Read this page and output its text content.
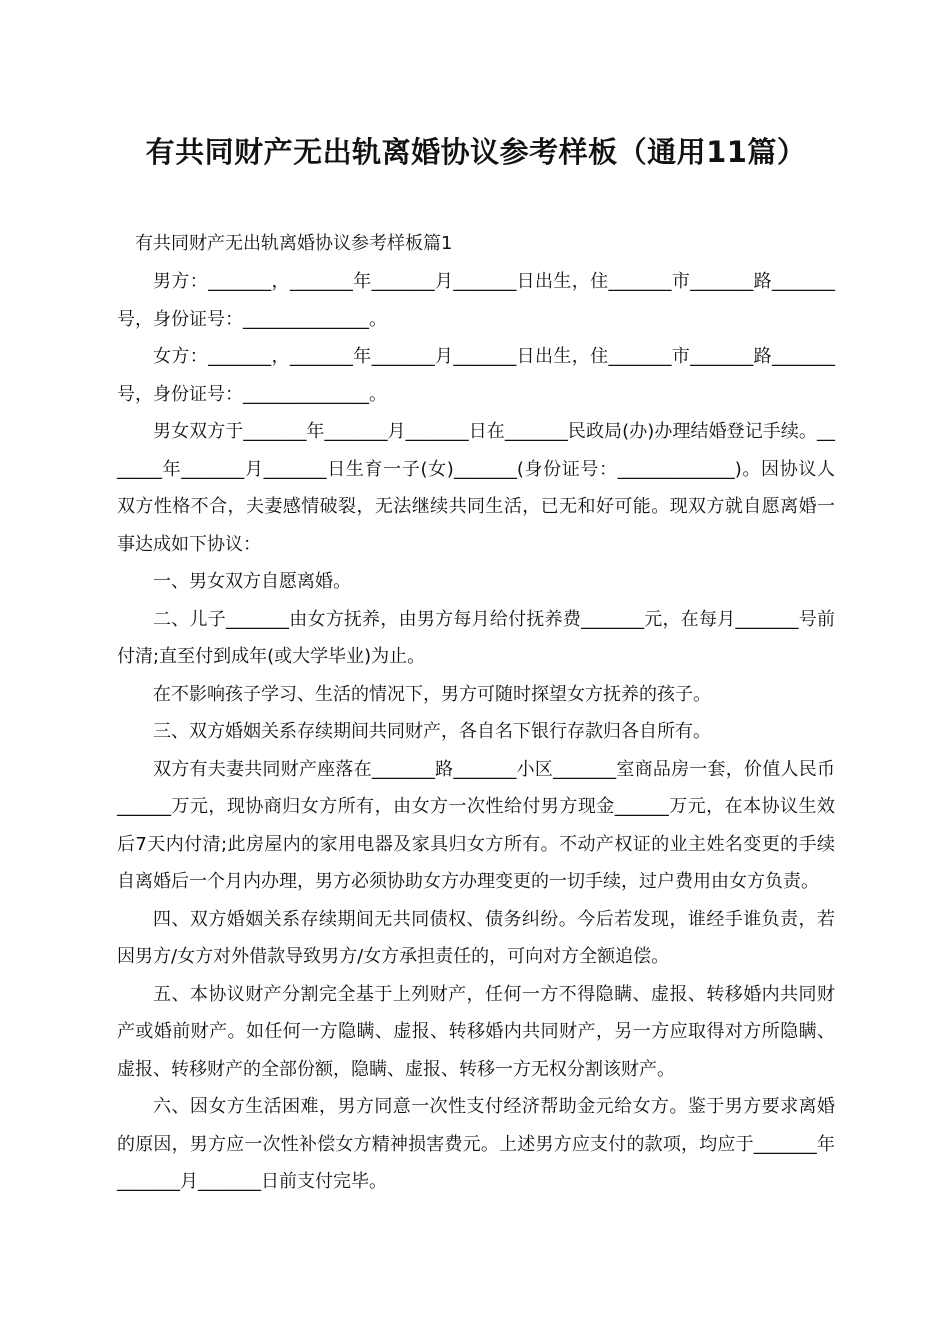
有共同财产无出轨离婚协议参考样板（通用11篇）
有共同财产无出轨离婚协议参考样板篇1

男方：_______，_______年_______月_______日出生，住_______市_______路_______号，身份证号：______________。

女方：_______，_______年_______月_______日出生，住_______市_______路_______号，身份证号：______________。

男女双方于_______年_______月_______日在_______民政局(办)办理结婚登记手续。_______年_______月_______日生育一子(女)_______(身份证号：_____________)。因协议人双方性格不合，夫妻感情破裂，无法继续共同生活，已无和好可能。现双方就自愿离婚一事达成如下协议：

一、男女双方自愿离婚。

二、儿子_______由女方抚养，由男方每月给付抚养费_______元，在每月_______号前付清;直至付到成年(或大学毕业)为止。

在不影响孩子学习、生活的情况下，男方可随时探望女方抚养的孩子。

三、双方婚姻关系存续期间共同财产，各自名下银行存款归各自所有。

双方有夫妻共同财产座落在_______路_______小区_______室商品房一套，价值人民币______万元，现协商归女方所有，由女方一次性给付男方现金______万元，在本协议生效后7天内付清;此房屋内的家用电器及家具归女方所有。不动产权证的业主姓名变更的手续自离婚后一个月内办理，男方必须协助女方办理变更的一切手续，过户费用由女方负责。

四、双方婚姻关系存续期间无共同债权、债务纠纷。今后若发现，谁经手谁负责，若因男方/女方对外借款导致男方/女方承担责任的，可向对方全额追偿。

五、本协议财产分割完全基于上列财产，任何一方不得隐瞒、虚报、转移婚内共同财产或婚前财产。如任何一方隐瞒、虚报、转移婚内共同财产，另一方应取得对方所隐瞒、虚报、转移财产的全部份额，隐瞒、虚报、转移一方无权分割该财产。

六、因女方生活困难，男方同意一次性支付经济帮助金元给女方。鉴于男方要求离婚的原因，男方应一次性补偿女方精神损害费元。上述男方应支付的款项，均应于_______年_______月_______日前支付完毕。
